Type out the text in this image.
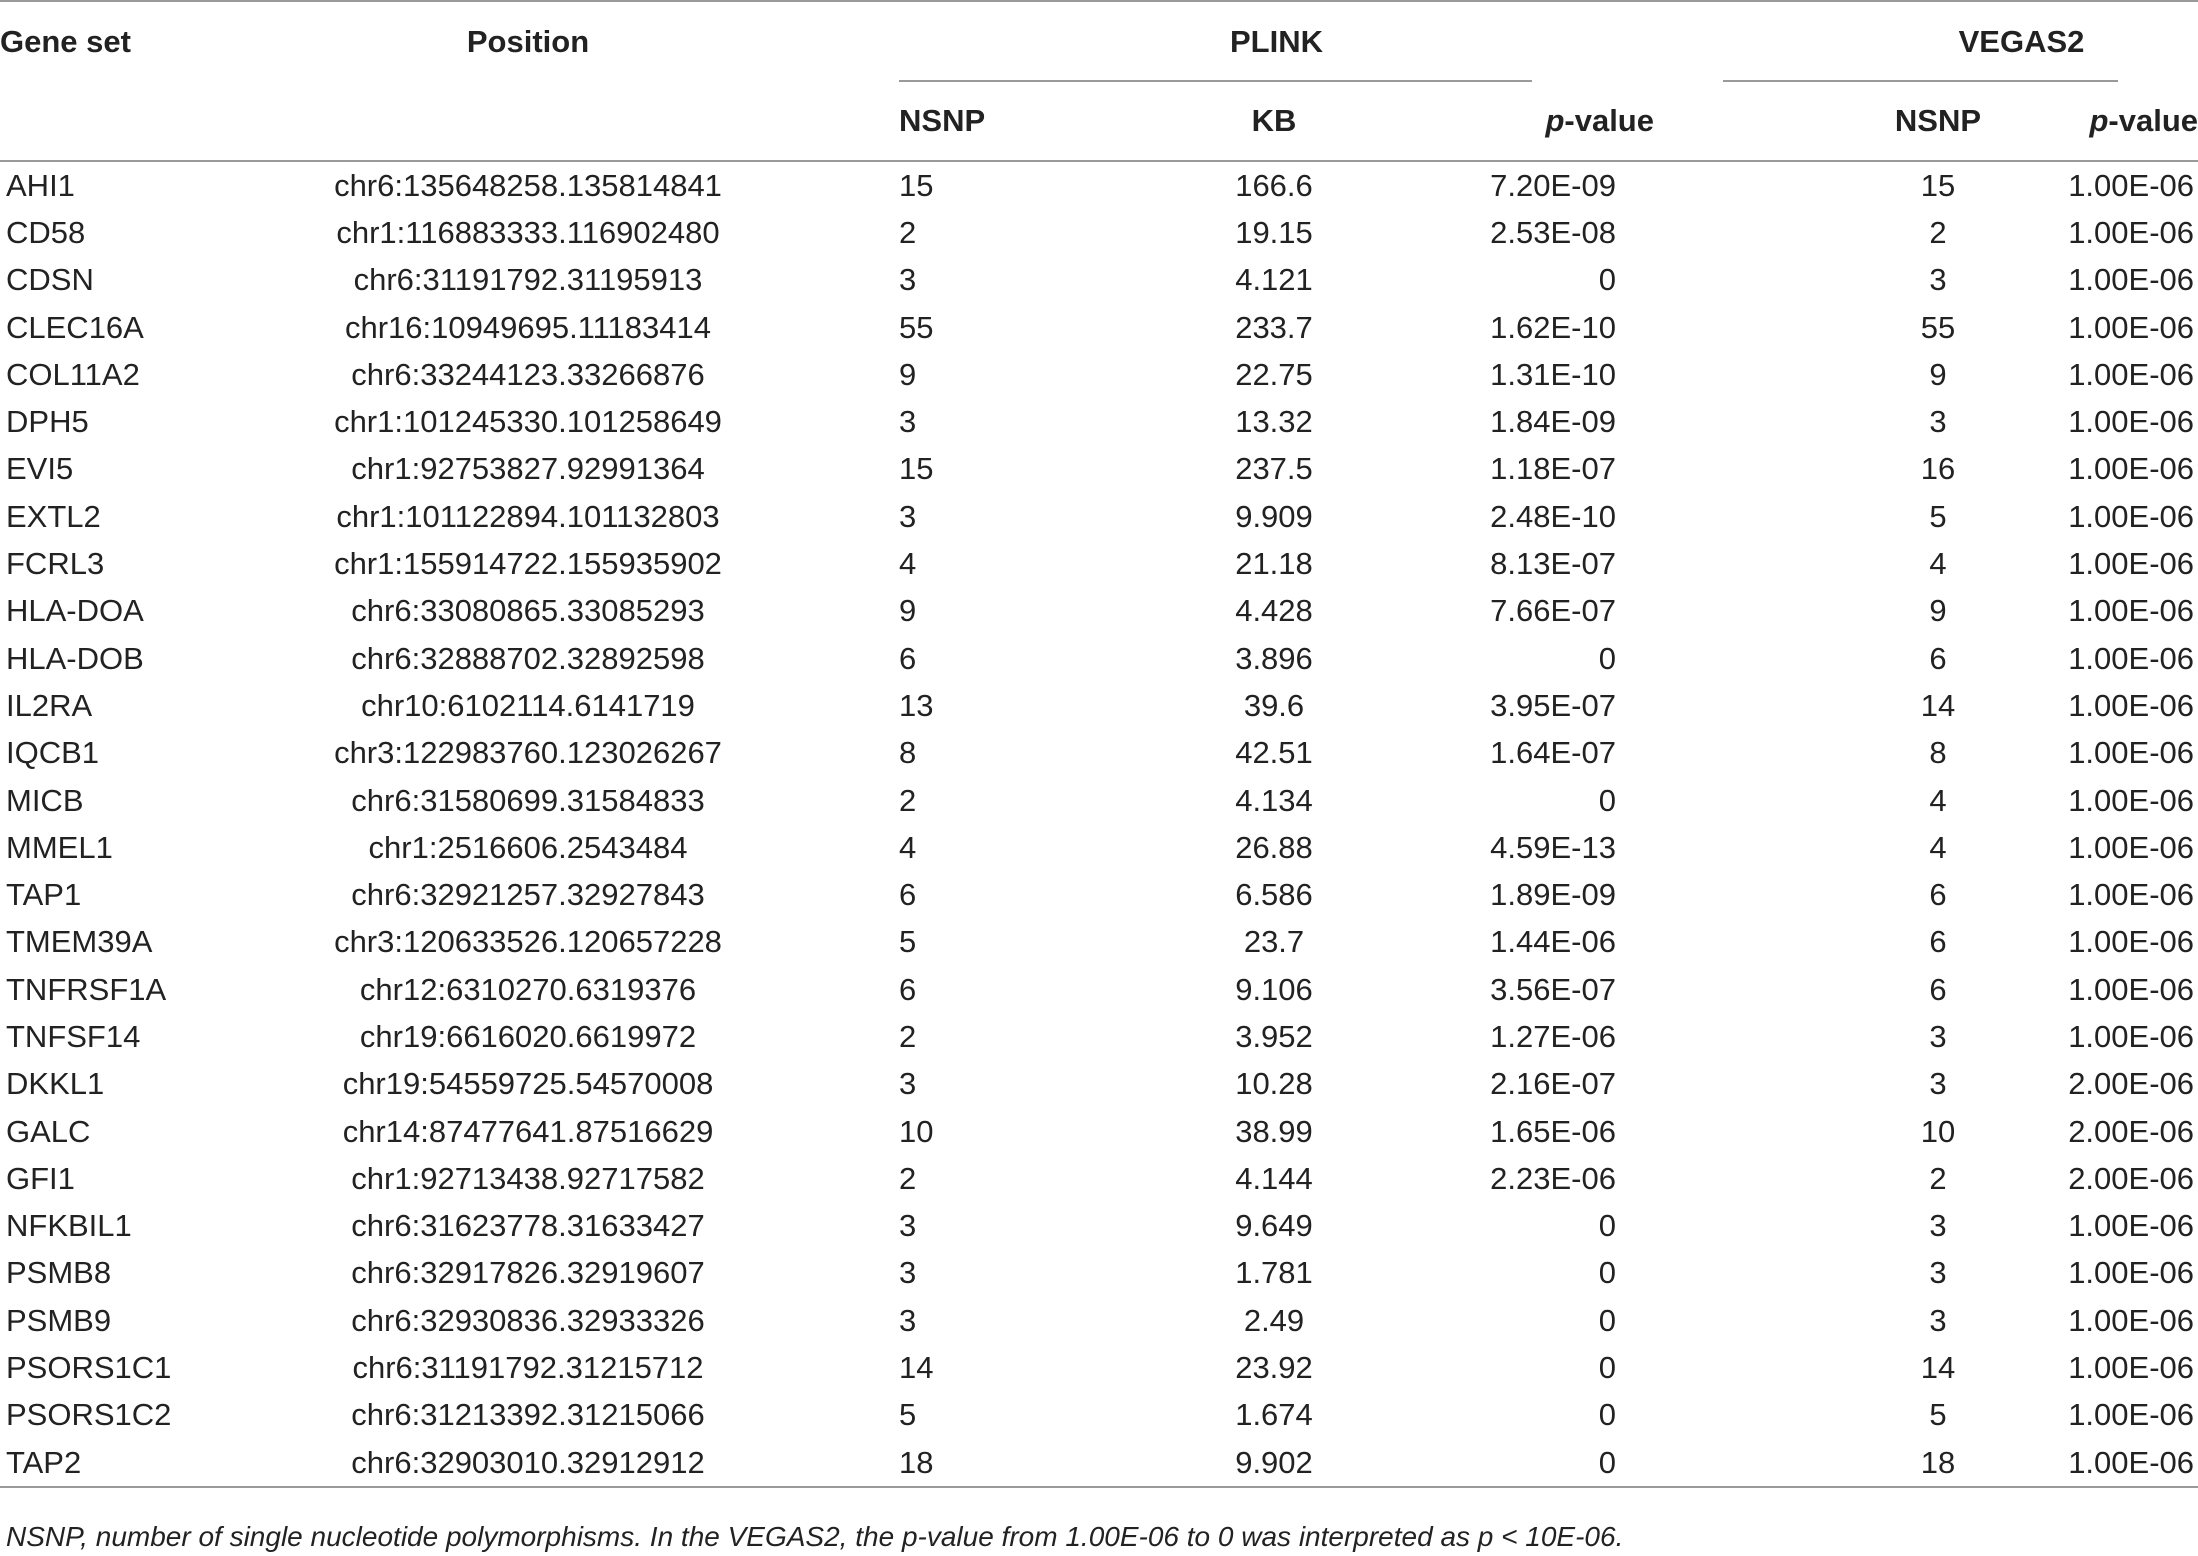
Gene set	Position		PLINK				VEGAS2	
			NSNP	KB	p-value		NSNP	p-value
AHI1	chr6:135648258.135814841		15	166.6	7.20E-09		15	1.00E-06
CD58	chr1:116883333.116902480		2	19.15	2.53E-08		2	1.00E-06
CDSN	chr6:31191792.31195913		3	4.121	0		3	1.00E-06
CLEC16A	chr16:10949695.11183414		55	233.7	1.62E-10		55	1.00E-06
COL11A2	chr6:33244123.33266876		9	22.75	1.31E-10		9	1.00E-06
DPH5	chr1:101245330.101258649		3	13.32	1.84E-09		3	1.00E-06
EVI5	chr1:92753827.92991364		15	237.5	1.18E-07		16	1.00E-06
EXTL2	chr1:101122894.101132803		3	9.909	2.48E-10		5	1.00E-06
FCRL3	chr1:155914722.155935902		4	21.18	8.13E-07		4	1.00E-06
HLA-DOA	chr6:33080865.33085293		9	4.428	7.66E-07		9	1.00E-06
HLA-DOB	chr6:32888702.32892598		6	3.896	0		6	1.00E-06
IL2RA	chr10:6102114.6141719		13	39.6	3.95E-07		14	1.00E-06
IQCB1	chr3:122983760.123026267		8	42.51	1.64E-07		8	1.00E-06
MICB	chr6:31580699.31584833		2	4.134	0		4	1.00E-06
MMEL1	chr1:2516606.2543484		4	26.88	4.59E-13		4	1.00E-06
TAP1	chr6:32921257.32927843		6	6.586	1.89E-09		6	1.00E-06
TMEM39A	chr3:120633526.120657228		5	23.7	1.44E-06		6	1.00E-06
TNFRSF1A	chr12:6310270.6319376		6	9.106	3.56E-07		6	1.00E-06
TNFSF14	chr19:6616020.6619972		2	3.952	1.27E-06		3	1.00E-06
DKKL1	chr19:54559725.54570008		3	10.28	2.16E-07		3	2.00E-06
GALC	chr14:87477641.87516629		10	38.99	1.65E-06		10	2.00E-06
GFI1	chr1:92713438.92717582		2	4.144	2.23E-06		2	2.00E-06
NFKBIL1	chr6:31623778.31633427		3	9.649	0		3	1.00E-06
PSMB8	chr6:32917826.32919607		3	1.781	0		3	1.00E-06
PSMB9	chr6:32930836.32933326		3	2.49	0		3	1.00E-06
PSORS1C1	chr6:31191792.31215712		14	23.92	0		14	1.00E-06
PSORS1C2	chr6:31213392.31215066		5	1.674	0		5	1.00E-06
TAP2	chr6:32903010.32912912		18	9.902	0		18	1.00E-06
NSNP, number of single nucleotide polymorphisms. In the VEGAS2, the p-value from 1.00E-06 to 0 was interpreted as p < 10E-06.
